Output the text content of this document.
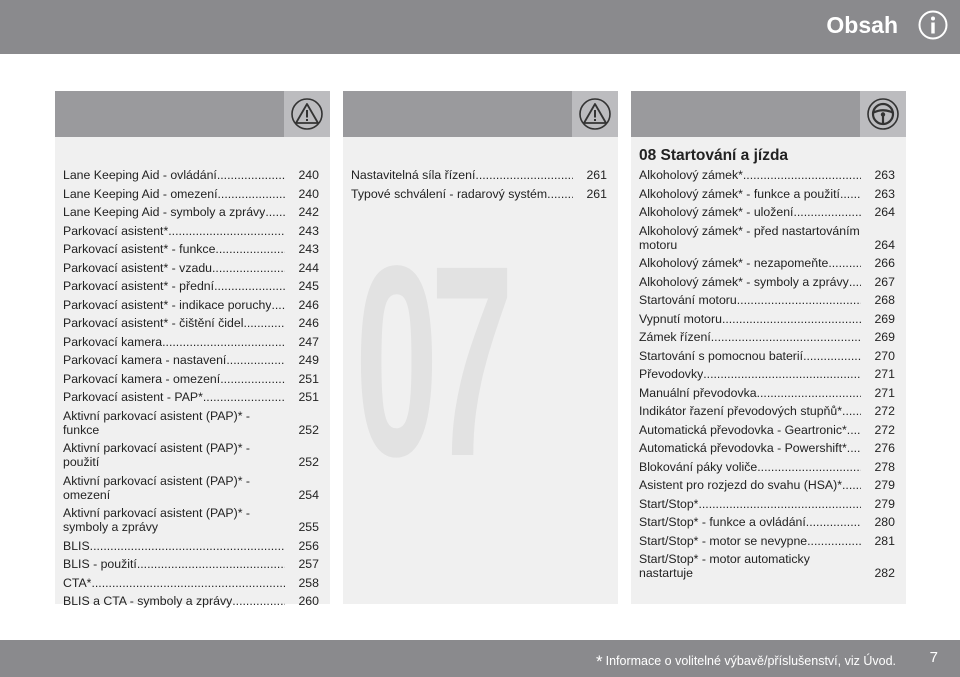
Obsah
07
Lane Keeping Aid - ovládání .....	240
Lane Keeping Aid - omezení .....	240
Lane Keeping Aid - symboly a zprávy .....	242
Parkovací asistent* .....	243
Parkovací asistent* - funkce .....	243
Parkovací asistent* - vzadu .....	244
Parkovací asistent* - přední .....	245
Parkovací asistent* - indikace poruchy .....	246
Parkovací asistent* - čištění čidel .....	246
Parkovací kamera .....	247
Parkovací kamera - nastavení .....	249
Parkovací kamera - omezení .....	251
Parkovací asistent - PAP* .....	251
Aktivní parkovací asistent (PAP)* - funkce	252
Aktivní parkovací asistent (PAP)* - použití	252
Aktivní parkovací asistent (PAP)* - omezení	254
Aktivní parkovací asistent (PAP)* - symboly a zprávy	255
BLIS .....	256
BLIS - použití .....	257
CTA* .....	258
BLIS a CTA - symboly a zprávy .....	260
Nastavitelná síla řízení .....	261
Typové schválení - radarový systém .....	261
08 Startování a jízda
Alkoholový zámek* .....	263
Alkoholový zámek* - funkce a použití .....	263
Alkoholový zámek* - uložení .....	264
Alkoholový zámek* - před nastartováním motoru	264
Alkoholový zámek* - nezapomeňte .....	266
Alkoholový zámek* - symboly a zprávy .....	267
Startování motoru .....	268
Vypnutí motoru .....	269
Zámek řízení .....	269
Startování s pomocnou baterií .....	270
Převodovky .....	271
Manuální převodovka .....	271
Indikátor řazení převodových stupňů* .....	272
Automatická převodovka - Geartronic* .....	272
Automatická převodovka - Powershift* .....	276
Blokování páky voliče .....	278
Asistent pro rozjezd do svahu (HSA)* .....	279
Start/Stop* .....	279
Start/Stop* - funkce a ovládání .....	280
Start/Stop* - motor se nevypne .....	281
Start/Stop* - motor automaticky nastartuje	282
* Informace o volitelné výbavě/příslušenství, viz Úvod. 7
